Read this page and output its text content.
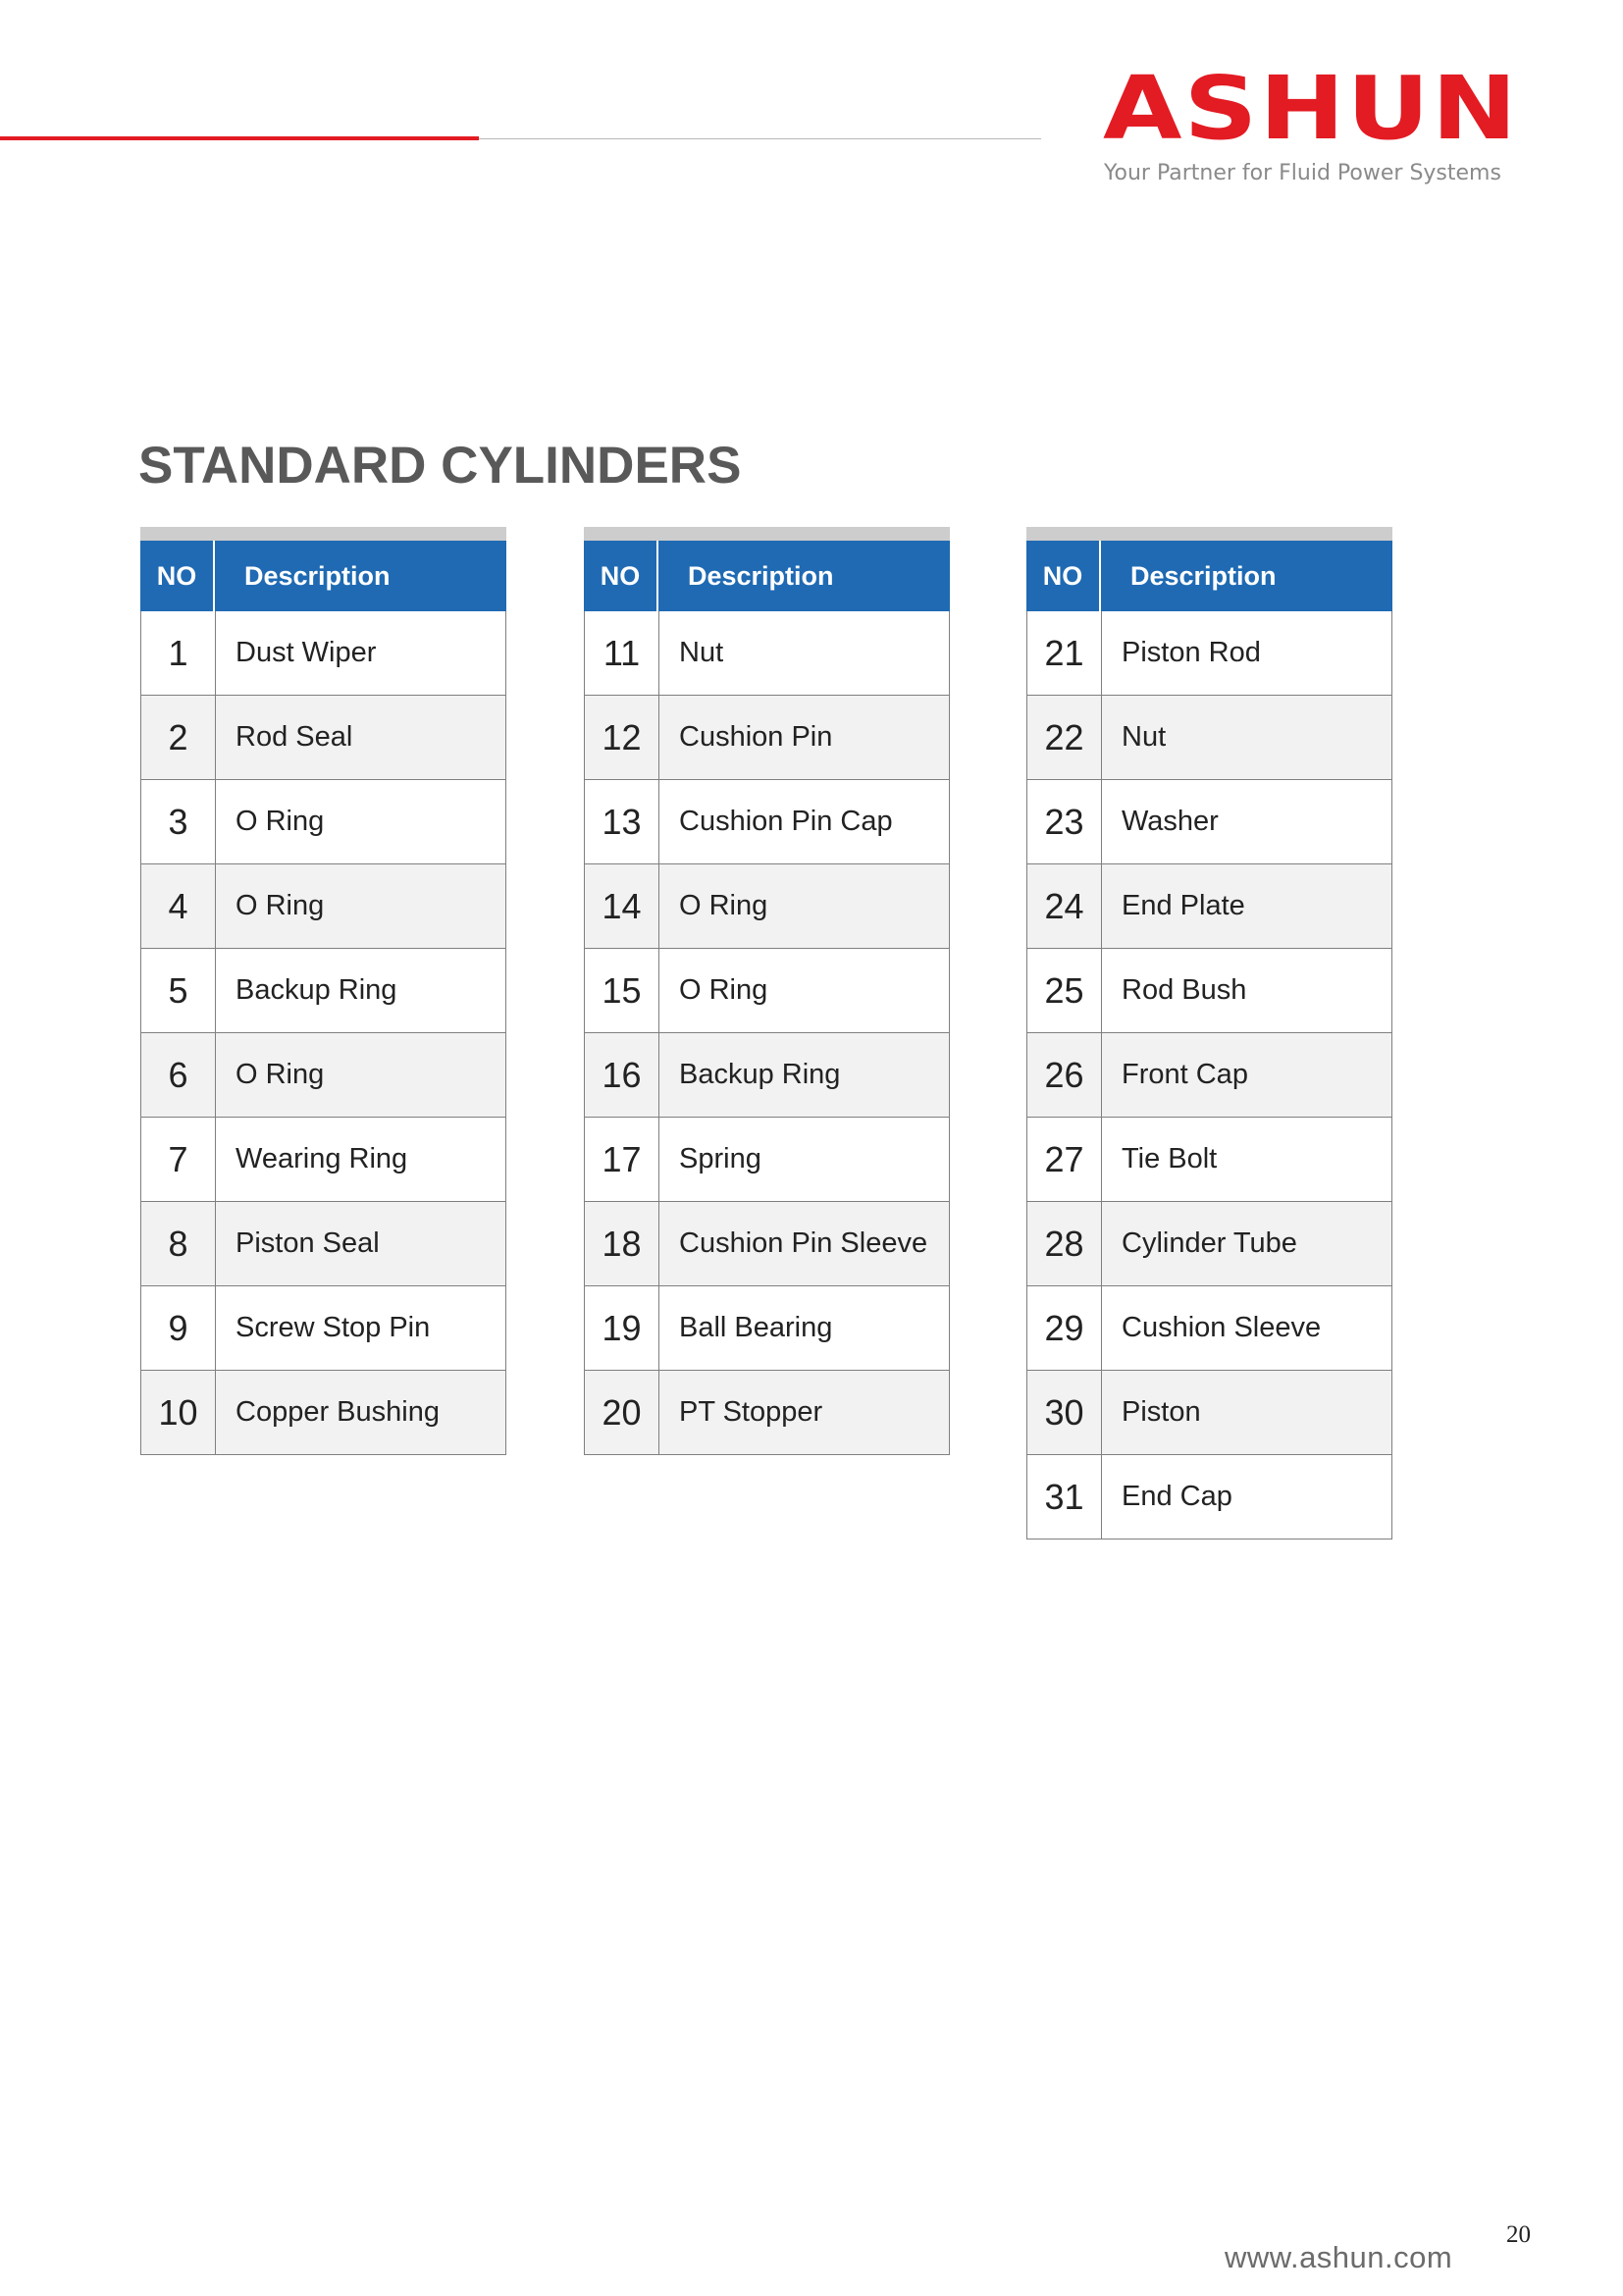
ASHUN
Your Partner for Fluid Power Systems
STANDARD CYLINDERS
NO	Description
1	Dust Wiper
2	Rod Seal
3	O Ring
4	O Ring
5	Backup Ring
6	O Ring
7	Wearing Ring
8	Piston Seal
9	Screw Stop Pin
10	Copper Bushing
NO	Description
11	Nut
12	Cushion Pin
13	Cushion Pin Cap
14	O Ring
15	O Ring
16	Backup Ring
17	Spring
18	Cushion Pin Sleeve
19	Ball Bearing
20	PT Stopper
NO	Description
21	Piston Rod
22	Nut
23	Washer
24	End Plate
25	Rod Bush
26	Front Cap
27	Tie Bolt
28	Cylinder Tube
29	Cushion Sleeve
30	Piston
31	End Cap
www.ashun.com
20
